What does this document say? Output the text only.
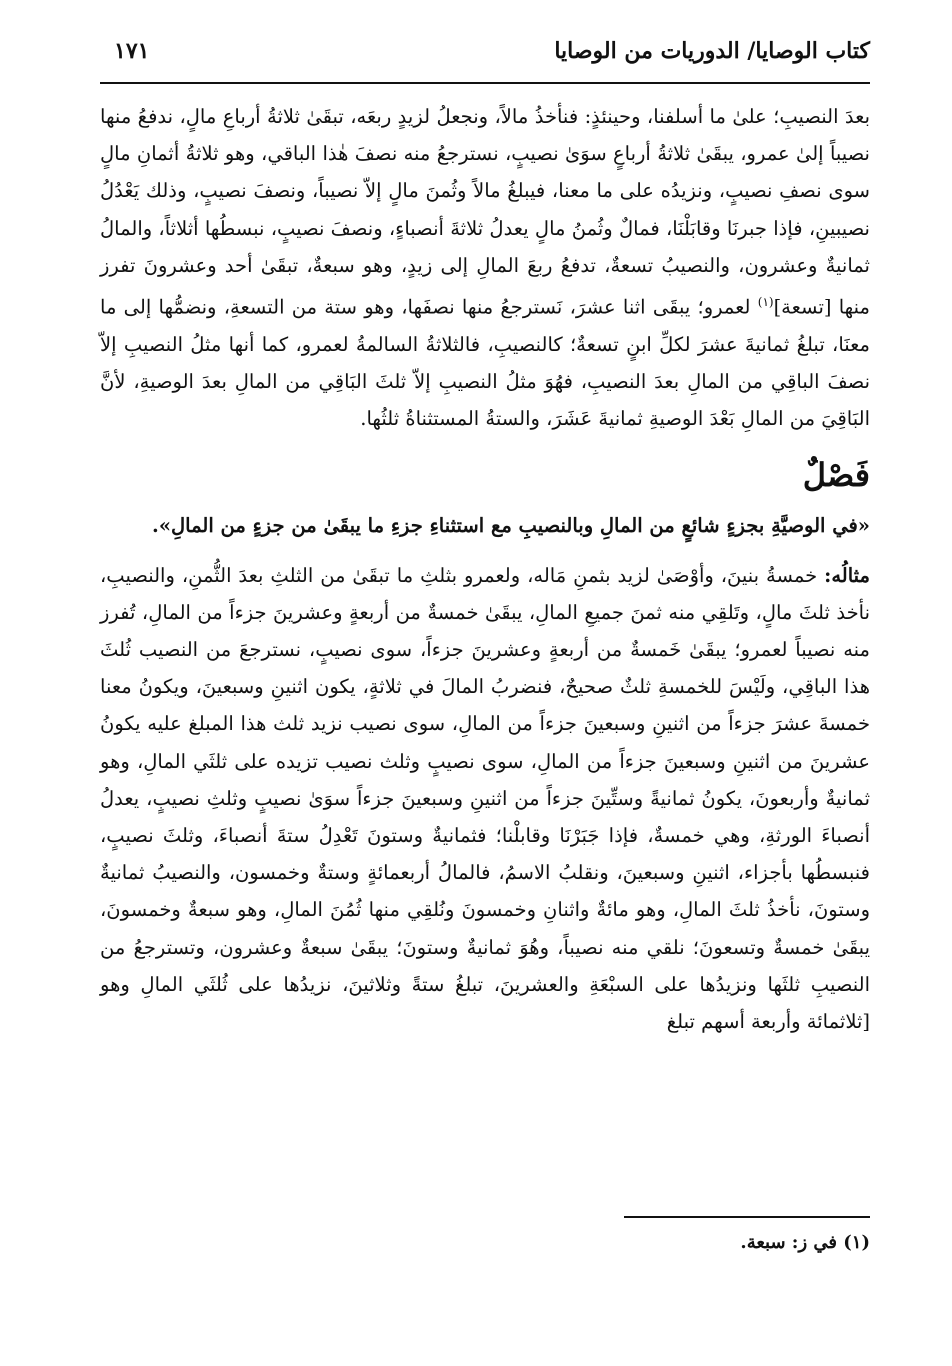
كتاب الوصايا/ الدوريات من الوصايا
١٧١

بعدَ النصيبِ؛ علىٰ ما أسلفنا، وحينئذٍ: فنأخذُ مالاً، ونجعلُ لزيدٍ ربعَه، تبقَىٰ ثلاثةُ أرباعِ مالٍ، ندفعُ منها نصيباً إلىٰ عمرو، يبقَىٰ ثلاثةُ أرباعٍ سوَىٰ نصيبٍ، نسترجعُ منه نصفَ هٰذا الباقي، وهو ثلاثةُ أثمانِ مالٍ سوى نصفِ نصيبٍ، ونزيدُه على ما معنا، فيبلغُ مالاً وثُمنَ مالٍ إلاّ نصيباً، ونصفَ نصيبٍ، وذلك يَعْدُلُ نصيبينِ، فإذا جبرنَا وقابَلْنَا، فمالٌ وثُمنُ مالٍ يعدلُ ثلاثةَ أنصباءٍ، ونصفَ نصيبٍ، نبسطُها أثلاثاً، والمالُ ثمانيةٌ وعشرون، والنصيبُ تسعةٌ، تدفعُ ربعَ المالِ إلى زيدٍ، وهو سبعةٌ، تبقَىٰ أحد وعشرونَ تفرز منها [تسعة]$^{(١)}$ لعمرو؛ يبقَى اثنا عشرَ، نَسترجعُ منها نصفَها، وهو ستة من التسعةِ، ونضمُّها إلى ما معنَا، تبلغُ ثمانيةَ عشرَ لكلِّ ابنٍ تسعةٌ؛ كالنصيبِ، فالثلاثةُ السالمةُ لعمرو، كما أنها مثلُ النصيبِ إلاّ نصفَ الباقِي من المالِ بعدَ النصيبِ، فهُوَ مثلُ النصيبِ إلاّ ثلثَ البَاقِي من المالِ بعدَ الوصيةِ، لأنَّ البَاقِيَ من المالِ بَعْدَ الوصيةِ ثمانيةَ عَشَرَ، والستةُ المستثناةُ ثلثُها.

فَصْلٌ

«في الوصيَّةِ بجزءٍ شائعٍ من المالِ وبالنصيبِ مع استثناءِ جزءِ ما يبقَىٰ من جزءٍ من المالِ».

مثالُه: خمسةُ بنينَ، وأوْصَىٰ لزيد بثمنِ مَاله، ولعمرو بثلثِ ما تبقَىٰ من الثلثِ بعدَ الثُّمنِ، والنصيبِ، نأخذ ثلثَ مالٍ، وتَلقِي منه ثمنَ جميعِ المالِ، يبقَىٰ خمسةٌ من أربعةٍ وعشرينَ جزءاً من المالِ، تُفرز منه نصيباً لعمرو؛ يبقَىٰ خَمسةٌ من أربعةٍ وعشرينَ جزءاً، سوى نصيبٍ، نسترجعَ من النصيب ثُلثَ هذا الباقِي، ولَيْسَ للخمسةِ ثلثٌ صحيحٌ، فنضربُ المالَ في ثلاثةٍ، يكون اثنينِ وسبعينَ، ويكونُ معنا خمسةَ عشرَ جزءاً من اثنينِ وسبعينَ جزءاً من المالِ، سوى نصيب نزيد ثلث هذا المبلغ عليه يكونُ عشرينَ من اثنينِ وسبعينَ جزءاً من المالِ، سوى نصيبٍ وثلث نصيب تزيده على ثلثَي المالِ، وهو ثمانيةٌ وأربعونَ، يكونُ ثمانيةً وستِّينَ جزءاً من اثنينِ وسبعينَ جزءاً سوَىٰ نصيبٍ وثلثِ نصيبٍ، يعدلُ أنصباءَ الورثةِ، وهي خمسةٌ، فإذا جَبَرْنَا وقابلْنا؛ فثمانيةٌ وستونَ تَعْدِلُ ستةَ أنصباءَ، وثلثَ نصيبٍ، فنبسطُها بأجزاء، اثنينِ وسبعينَ، ونقلبُ الاسمُ، فالمالُ أربعمائةٍ وستةٌ وخمسون، والنصيبُ ثمانيةٌ وستونَ، نأخذُ ثلثَ المالِ، وهو مائةٌ واثنانِ وخمسونَ ونُلقِي منها ثُمُنَ المالِ، وهو سبعةٌ وخمسونَ، يبقَىٰ خمسةٌ وتسعونَ؛ نلقي منه نصيباً، وهُوَ ثمانيةٌ وستونَ؛ يبقَىٰ سبعةٌ وعشرون، وتسترجعُ من النصيبِ ثلثَها ونزيدُها على السبْعَةِ والعشرينَ، تبلغُ ستةً وثلاثينَ، نزيدُها على ثُلثَي المالِ وهو [ثلاثمائة وأربعة أسهم تبلغ

(١) في ز: سبعة.
